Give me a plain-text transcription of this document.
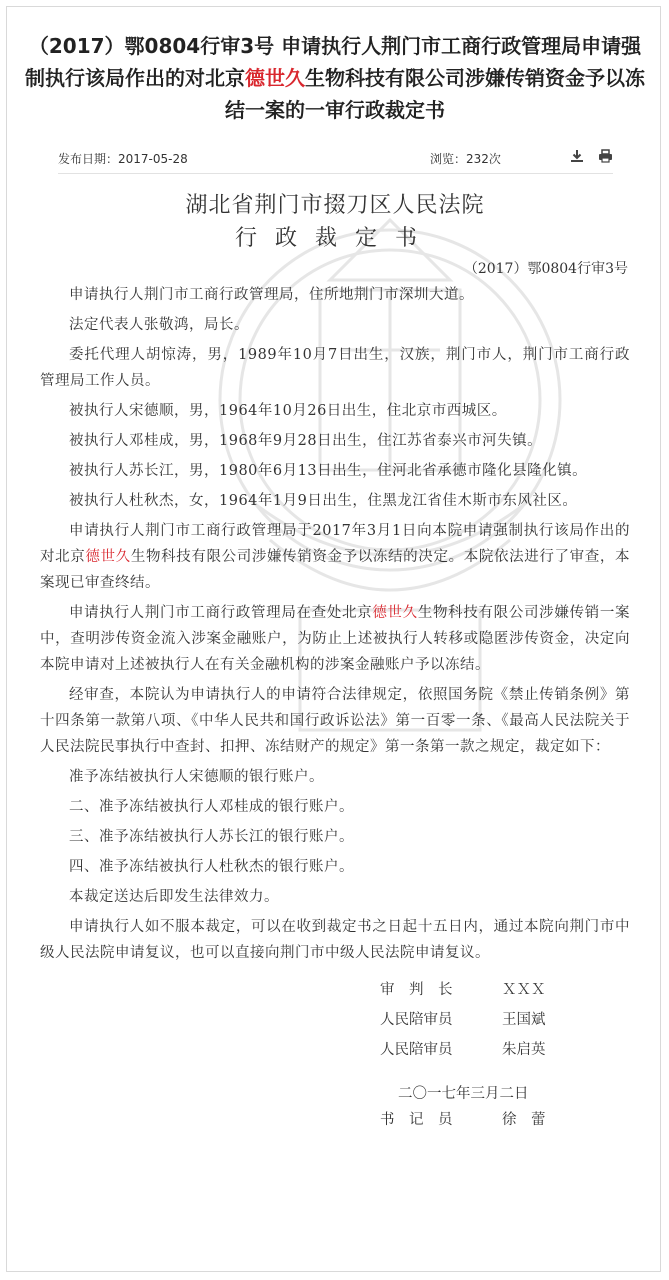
（2017）鄂0804行审3号 申请执行人荆门市工商行政管理局申请强制执行该局作出的对北京德世久生物科技有限公司涉嫌传销资金予以冻结一案的一审行政裁定书
发布日期：2017-05-28	浏览：232次

湖北省荆门市掇刀区人民法院
行政裁定书
（2017）鄂0804行审3号

申请执行人荆门市工商行政管理局，住所地荆门市深圳大道。

法定代表人张敬鸿，局长。

委托代理人胡惊涛，男，1989年10月7日出生，汉族，荆门市人，荆门市工商行政管理局工作人员。

被执行人宋德顺，男，1964年10月26日出生，住北京市西城区。

被执行人邓桂成，男，1968年9月28日出生，住江苏省泰兴市河失镇。

被执行人苏长江，男，1980年6月13日出生，住河北省承德市隆化县隆化镇。

被执行人杜秋杰，女，1964年1月9日出生，住黑龙江省佳木斯市东风社区。

申请执行人荆门市工商行政管理局于2017年3月1日向本院申请强制执行该局作出的对北京德世久生物科技有限公司涉嫌传销资金予以冻结的决定。本院依法进行了审查，本案现已审查终结。

申请执行人荆门市工商行政管理局在查处北京德世久生物科技有限公司涉嫌传销一案中，查明涉传资金流入涉案金融账户，为防止上述被执行人转移或隐匿涉传资金，决定向本院申请对上述被执行人在有关金融机构的涉案金融账户予以冻结。

经审查，本院认为申请执行人的申请符合法律规定，依照国务院《禁止传销条例》第十四条第一款第八项、《中华人民共和国行政诉讼法》第一百零一条、《最高人民法院关于人民法院民事执行中查封、扣押、冻结财产的规定》第一条第一款之规定，裁定如下：

准予冻结被执行人宋德顺的银行账户。

二、准予冻结被执行人邓桂成的银行账户。

三、准予冻结被执行人苏长江的银行账户。

四、准予冻结被执行人杜秋杰的银行账户。

本裁定送达后即发生法律效力。

申请执行人如不服本裁定，可以在收到裁定书之日起十五日内，通过本院向荆门市中级人民法院申请复议，也可以直接向荆门市中级人民法院申请复议。

审　判　长	ＸＸＸ
人民陪审员	王国斌
人民陪审员	朱启英
二〇一七年三月二日
书　记　员	徐　蕾
